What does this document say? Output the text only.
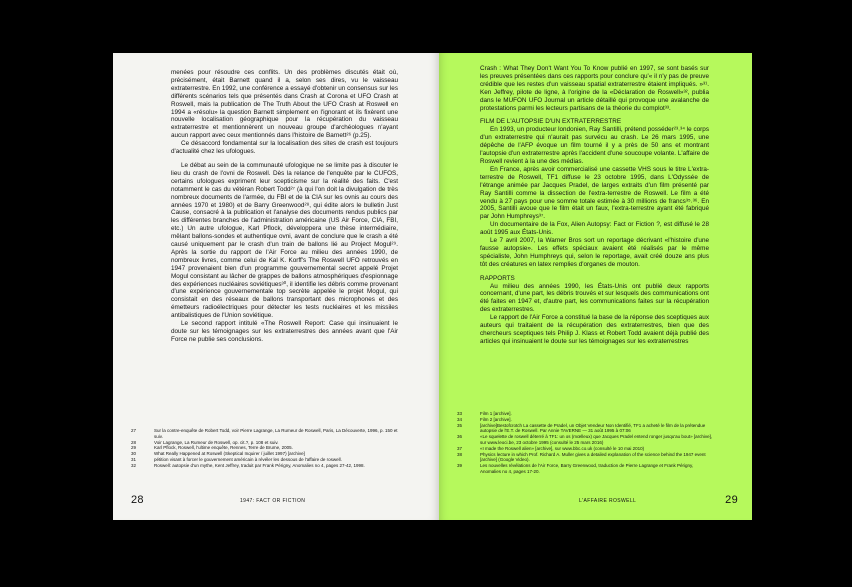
menées pour résoudre ces conflits. Un des problèmes discutés était où, précisément, était Barnett quand il a, selon ses dires, vu le vaisseau extraterrestre. En 1992, une conférence a essayé d'obtenir un consensus sur les différents scénarios tels que présentés dans Crash at Corona et UFO Crash at Roswell, mais la publication de The Truth About the UFO Crash at Roswell en 1994 a «résolu» la question Barnett simplement en l'ignorant et ils fixèrent une nouvelle localisation géographique pour la récupération du vaisseau extraterrestre et mentionnèrent un nouveau groupe d'archéologues n'ayant aucun rapport avec ceux mentionnés dans l'histoire de Barnett²⁶ (p.25).

Ce désaccord fondamental sur la localisation des sites de crash est toujours d'actualité chez les ufologues.

Le débat au sein de la communauté ufologique ne se limite pas à discuter le lieu du crash de l'ovni de Roswell. Dès la relance de l'enquête par le CUFOS, certains ufologues expriment leur scepticisme sur la réalité des faits. C'est notamment le cas du vétéran Robert Todd²⁷ (à qui l'on doit la divulgation de très nombreux documents de l'armée, du FBI et de la CIA sur les ovnis au cours des années 1970 et 1980) et de Barry Greenwood²⁸, qui édite alors le bulletin Just Cause, consacré à la publication et l'analyse des documents rendus publics par les différentes branches de l'administration américaine (US Air Force, CIA, FBI, etc.) Un autre ufologue, Karl Pflock, développera une thèse intermédiaire, mêlant ballons-sondes et authentique ovni, avant de conclure que le crash a été causé uniquement par le crash d'un train de ballons lié au Project Mogul²⁹. Après la sortie du rapport de l'Air Force au milieu des années 1990, de nombreux livres, comme celui de Kal K. Korff's The Roswell UFO retrouvés en 1947 provenaient bien d'un programme gouvernemental secret appelé Projet Mogul consistant au lâcher de grappes de ballons atmosphériques d'espionnage des expériences nucléaires soviétiques³⁰, il identifie les débris comme provenant d'une expérience gouvernementale top secrète appelée le projet Mogul, qui consistait en des réseaux de ballons transportant des microphones et des émetteurs radioélectriques pour détecter les tests nucléaires et les missiles antibalistiques de l'Union soviétique.

Le second rapport intitulé «The Roswell Report: Case qui insinuaient le doute sur les témoignages sur les extraterrestres des années avant que l'Air Force ne publie ses conclusions.

27	Sur la contre-enquête de Robert Todd, voir Pierre Lagrange, La Rumeur de Roswell, Paris, La Découverte, 1996, p. 150 et suiv.
28	Voir Lagrange, La Rumeur de Roswell, op. cit.?, p. 108 et suiv.
29	Karl Pflock, Roswell, l'ultime enquête, Rennes, Terre de Brume, 2005.
30	What Really Happened at Roswell (Skeptical Inquirer / juillet 1997) [archive]
31	pétition visant à forcer le gouvernement américain à révéler les dessous de l'affaire de roswell.
32	Roswell: autopsie d'un mythe, Kent Jeffrey, traduit par Frank Périgny, Anomalies no 4, pages 27-42, 1998.
28	1947: FACT OR FICTION

Crash : What They Don't Want You To Know publié en 1997, se sont basés sur les preuves présentées dans ces rapports pour conclure qu'« il n'y pas de preuve crédible que les restes d'un vaisseau spatial extraterrestre étaient impliqués. »³¹. Ken Jeffrey, pilote de ligne, à l'origine de la «Déclaration de Roswell»³², publia dans le MUFON UFO Journal un article détaillé qui provoque une avalanche de protestations parmi les lecteurs partisans de la théorie du complot³³.

FILM DE L'AUTOPSIE D'UN EXTRATERRESTRE

En 1993, un producteur londonien, Ray Santilli, prétend posséder²³˒³⁴ le corps d'un extraterrestre qui n'aurait pas survécu au crash. Le 26 mars 1995, une dépêche de l'AFP évoque un film tourné il y a près de 50 ans et montrant l'autopsie d'un extraterrestre après l'accident d'une soucoupe volante. L'affaire de Roswell revient à la une des médias.

En France, après avoir commercialisé une cassette VHS sous le titre L'extra-terrestre de Roswell, TF1 diffuse le 23 octobre 1995, dans L'Odyssée de l'étrange animée par Jacques Pradel, de larges extraits d'un film présenté par Ray Santilli comme la dissection de l'extra-terrestre de Roswell. Le film a été vendu à 27 pays pour une somme totale estimée à 30 millions de francs³⁵˒³⁶. En 2005, Santilli avoue que le film était un faux, l'extra-terrestre ayant été fabriqué par John Humphreys³⁷.

Un documentaire de la Fox, Alien Autopsy: Fact or Fiction ?, est diffusé le 28 août 1995 aux États-Unis.

Le 7 avril 2007, la Warner Bros sort un reportage décrivant «l'histoire d'une fausse autopsie». Les effets spéciaux avaient été réalisés par le même spécialiste, John Humphreys qui, selon le reportage, avait créé douze ans plus tôt des créatures en latex remplies d'organes de mouton.

RAPPORTS

Au milieu des années 1990, les États-Unis ont publié deux rapports concernant, d'une part, les débris trouvés et sur lesquels des communications ont été faites en 1947 et, d'autre part, les communications faites sur la récupération des extraterrestres.

Le rapport de l'Air Force a constitué la base de la réponse des sceptiques aux auteurs qui traitaient de la récupération des extraterrestres, bien que des chercheurs sceptiques tels Philip J. Klass et Robert Todd avaient déjà publié des articles qui insinuaient le doute sur les témoignages sur les extraterrestres

33	Film 1 [archive].
34	Film 2 [archive].
35	[archive]Bestofcrotch La cassette de Pradel, un Objet Vendeur Non Identifié, TF1 a acheté le film de la prétendue autopsie de l'E.T. de Roswell. Par Annie TAVERNE — 31 août 1995 à 07:06
36	«Le squelette de roswell déterré à TF1: un os (mœlleux) que Jacques Pradel entend ronger jusqu'au bout» [archive], sur www.leoci.be, 23 octobre 1995 (consulté le 25 mars 2016)
37	«I made the Roswell alien» [archive], sur www.bbc.co.uk (consulté le 10 mai 2010)
38	Physics lecture in which Prof. Richard A. Muller gives a detailed explanation of the science behind the 1947 event [archive] (Google Video).
39	Les nouvelles révélations de l'Air Force, Barry Greenwood, traduction de Pierre Lagrange et Frank Périgny, Anomalies no 4, pages 17-20.
L'AFFAIRE ROSWELL	29
